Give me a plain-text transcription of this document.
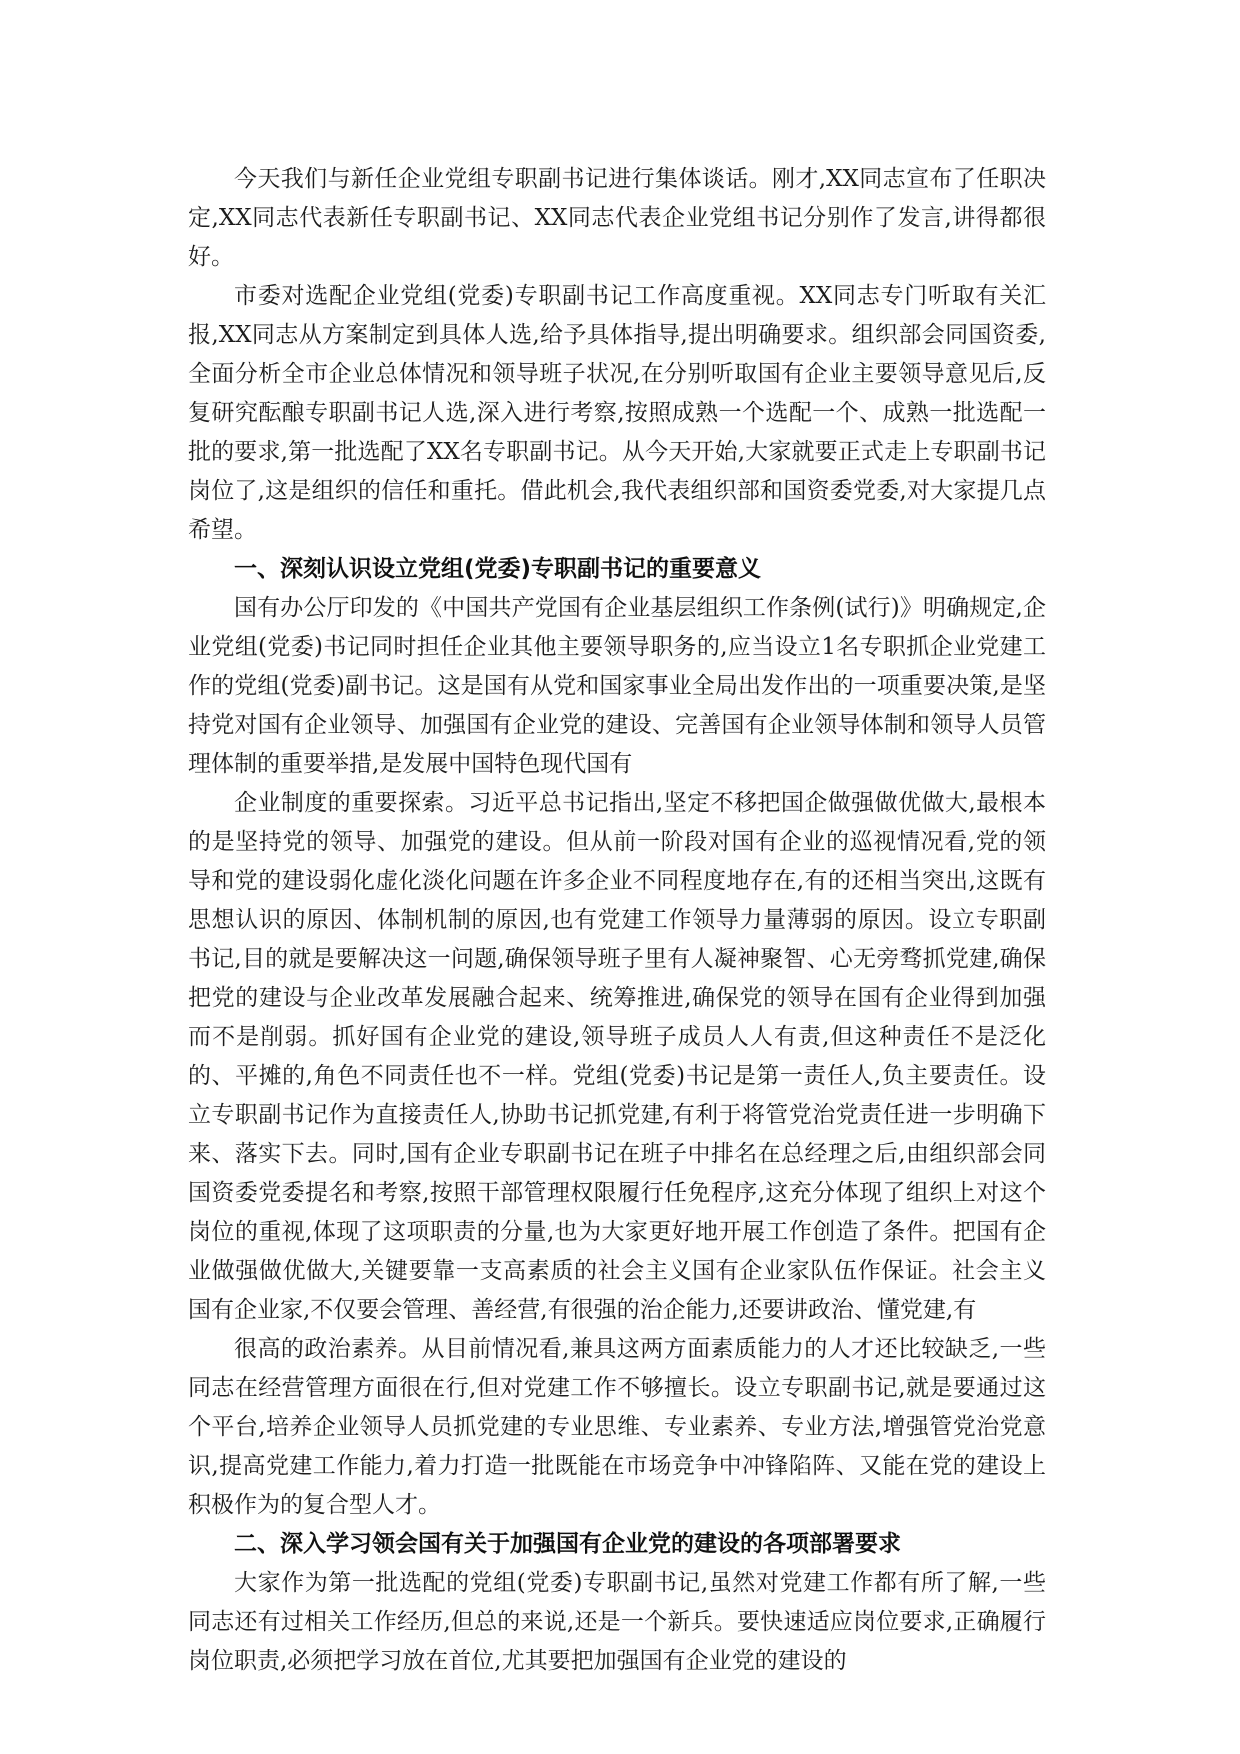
今天我们与新任企业党组专职副书记进行集体谈话。刚才,XX同志宣布了任职决定,XX同志代表新任专职副书记、XX同志代表企业党组书记分别作了发言,讲得都很好。

市委对选配企业党组(党委)专职副书记工作高度重视。XX同志专门听取有关汇报,XX同志从方案制定到具体人选,给予具体指导,提出明确要求。组织部会同国资委,全面分析全市企业总体情况和领导班子状况,在分别听取国有企业主要领导意见后,反复研究酝酿专职副书记人选,深入进行考察,按照成熟一个选配一个、成熟一批选配一批的要求,第一批选配了XX名专职副书记。从今天开始,大家就要正式走上专职副书记岗位了,这是组织的信任和重托。借此机会,我代表组织部和国资委党委,对大家提几点希望。

一、深刻认识设立党组(党委)专职副书记的重要意义

国有办公厅印发的《中国共产党国有企业基层组织工作条例(试行)》明确规定,企业党组(党委)书记同时担任企业其他主要领导职务的,应当设立1名专职抓企业党建工作的党组(党委)副书记。这是国有从党和国家事业全局出发作出的一项重要决策,是坚持党对国有企业领导、加强国有企业党的建设、完善国有企业领导体制和领导人员管理体制的重要举措,是发展中国特色现代国有

企业制度的重要探索。习近平总书记指出,坚定不移把国企做强做优做大,最根本的是坚持党的领导、加强党的建设。但从前一阶段对国有企业的巡视情况看,党的领导和党的建设弱化虚化淡化问题在许多企业不同程度地存在,有的还相当突出,这既有思想认识的原因、体制机制的原因,也有党建工作领导力量薄弱的原因。设立专职副书记,目的就是要解决这一问题,确保领导班子里有人凝神聚智、心无旁骛抓党建,确保把党的建设与企业改革发展融合起来、统筹推进,确保党的领导在国有企业得到加强而不是削弱。抓好国有企业党的建设,领导班子成员人人有责,但这种责任不是泛化的、平摊的,角色不同责任也不一样。党组(党委)书记是第一责任人,负主要责任。设立专职副书记作为直接责任人,协助书记抓党建,有利于将管党治党责任进一步明确下来、落实下去。同时,国有企业专职副书记在班子中排名在总经理之后,由组织部会同国资委党委提名和考察,按照干部管理权限履行任免程序,这充分体现了组织上对这个岗位的重视,体现了这项职责的分量,也为大家更好地开展工作创造了条件。把国有企业做强做优做大,关键要靠一支高素质的社会主义国有企业家队伍作保证。社会主义国有企业家,不仅要会管理、善经营,有很强的治企能力,还要讲政治、懂党建,有

很高的政治素养。从目前情况看,兼具这两方面素质能力的人才还比较缺乏,一些同志在经营管理方面很在行,但对党建工作不够擅长。设立专职副书记,就是要通过这个平台,培养企业领导人员抓党建的专业思维、专业素养、专业方法,增强管党治党意识,提高党建工作能力,着力打造一批既能在市场竞争中冲锋陷阵、又能在党的建设上积极作为的复合型人才。

二、深入学习领会国有关于加强国有企业党的建设的各项部署要求

大家作为第一批选配的党组(党委)专职副书记,虽然对党建工作都有所了解,一些同志还有过相关工作经历,但总的来说,还是一个新兵。要快速适应岗位要求,正确履行岗位职责,必须把学习放在首位,尤其要把加强国有企业党的建设的
